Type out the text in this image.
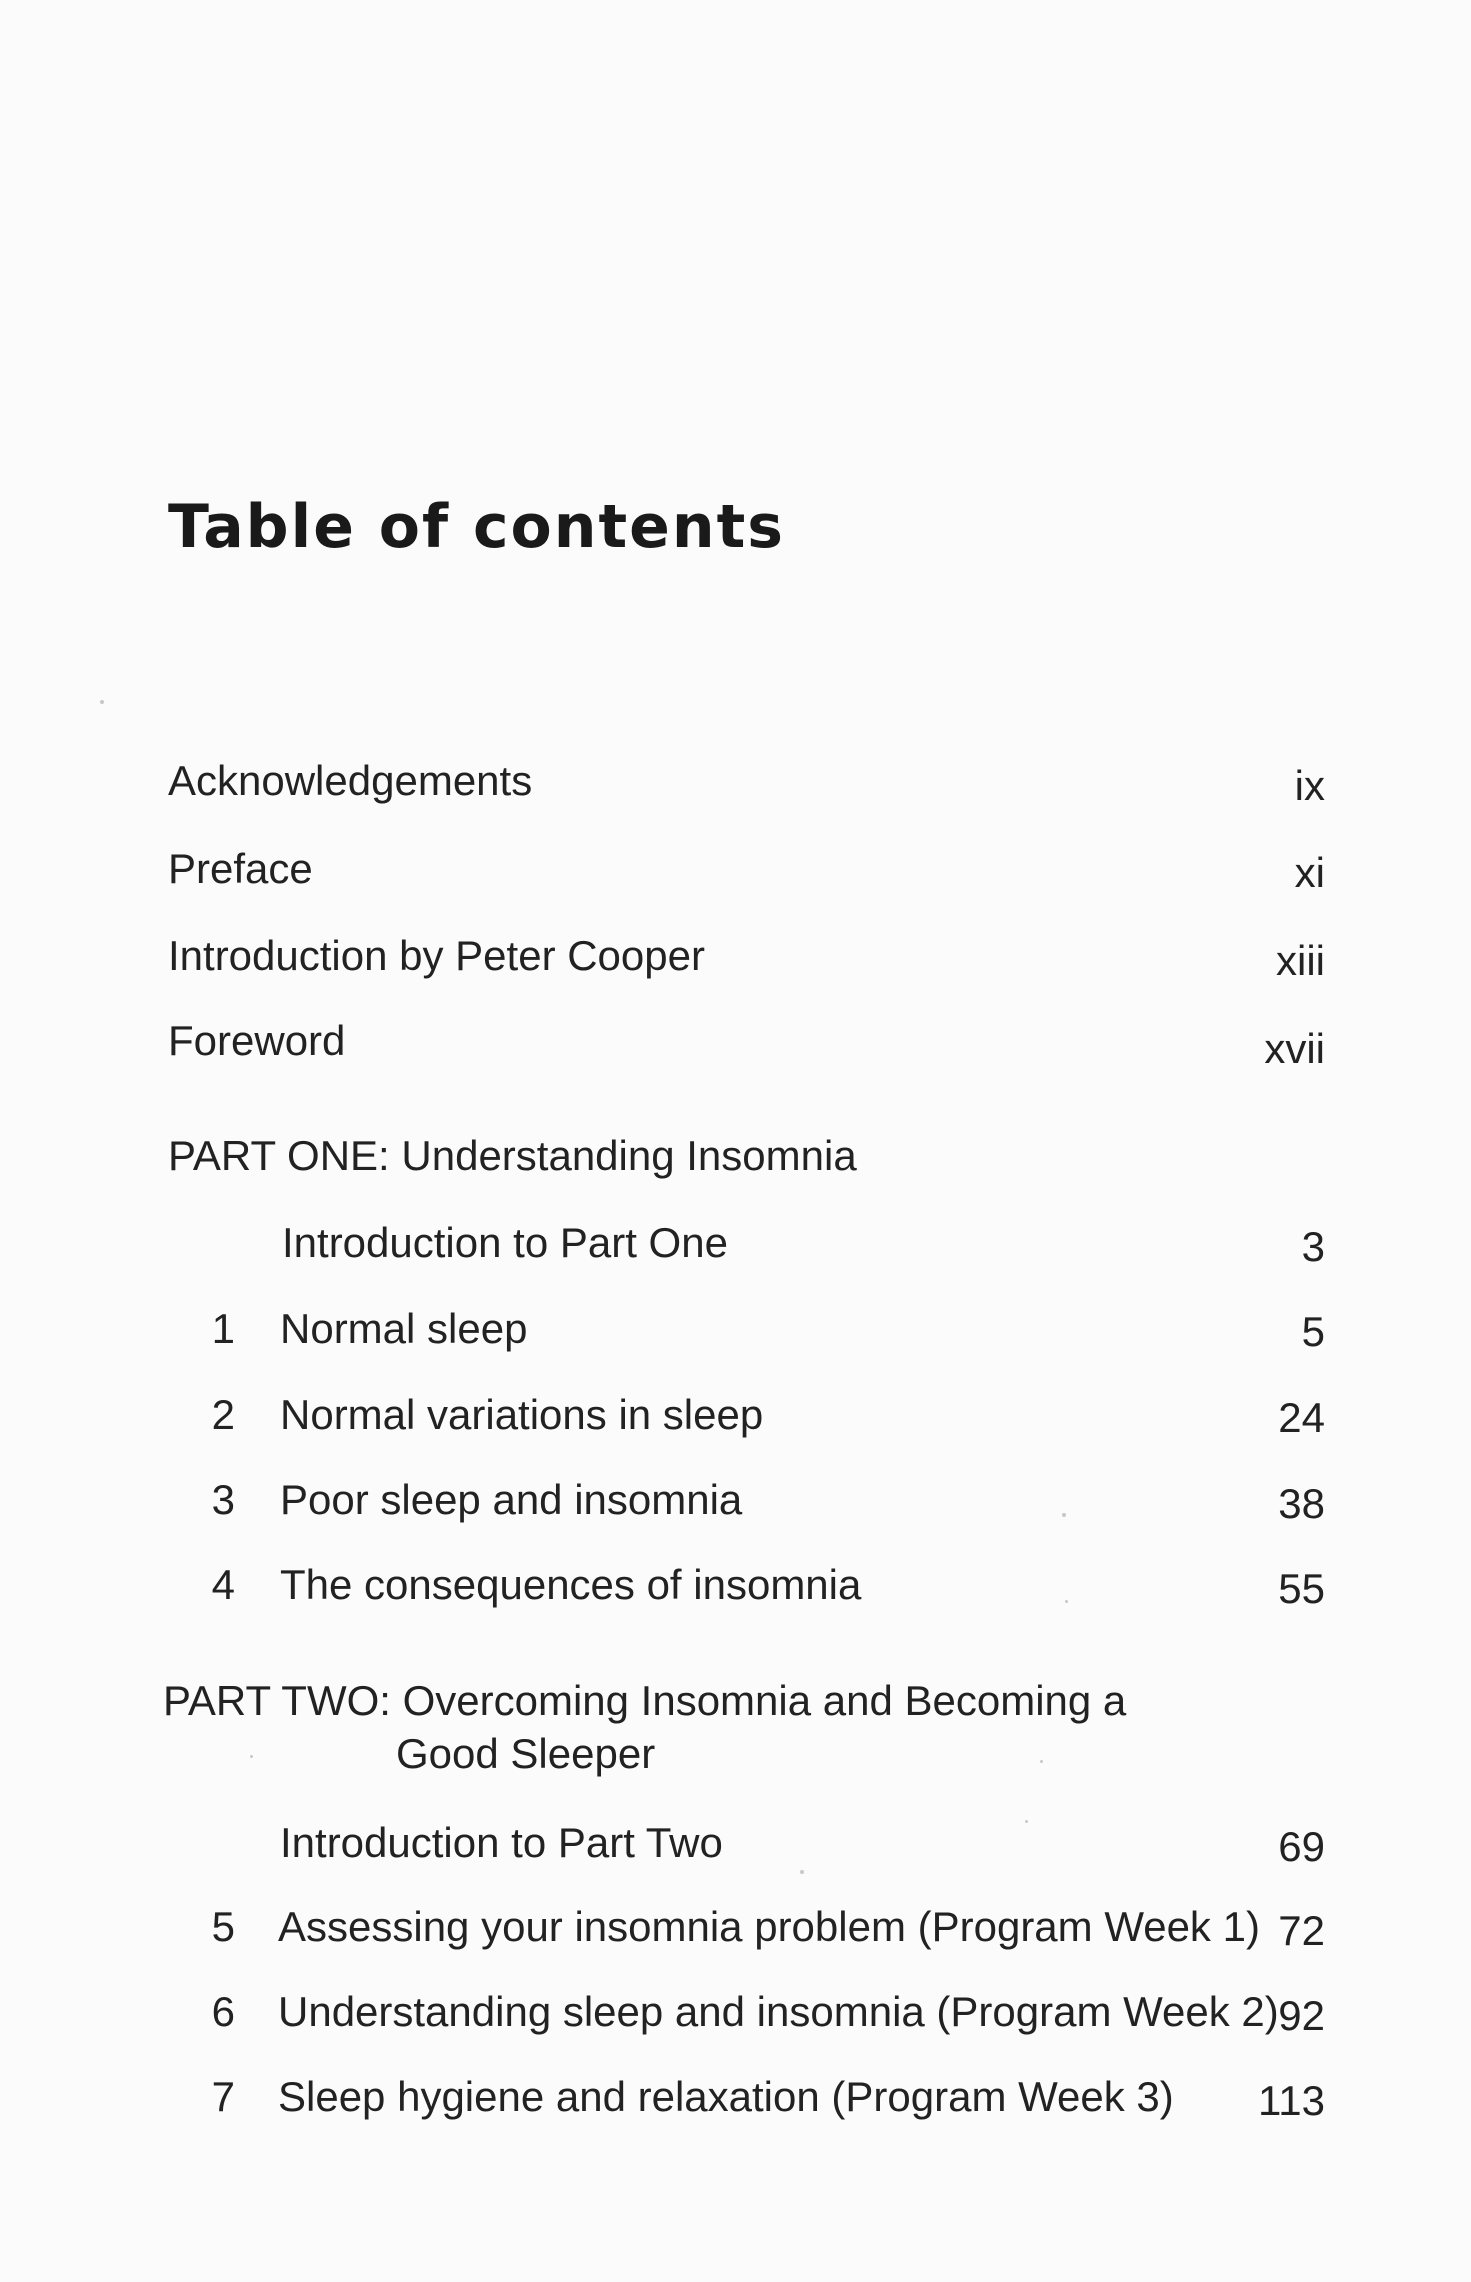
Table of contents
Acknowledgements	ix
Preface	xi
Introduction by Peter Cooper	xiii
Foreword	xvii
PART ONE: Understanding Insomnia
Introduction to Part One	3
1 Normal sleep	5
2 Normal variations in sleep	24
3 Poor sleep and insomnia	38
4 The consequences of insomnia	55
PART TWO: Overcoming Insomnia and Becoming a
Good Sleeper
Introduction to Part Two	69
5 Assessing your insomnia problem (Program Week 1) 72
6 Understanding sleep and insomnia (Program Week 2) 92
7 Sleep hygiene and relaxation (Program Week 3) 113
